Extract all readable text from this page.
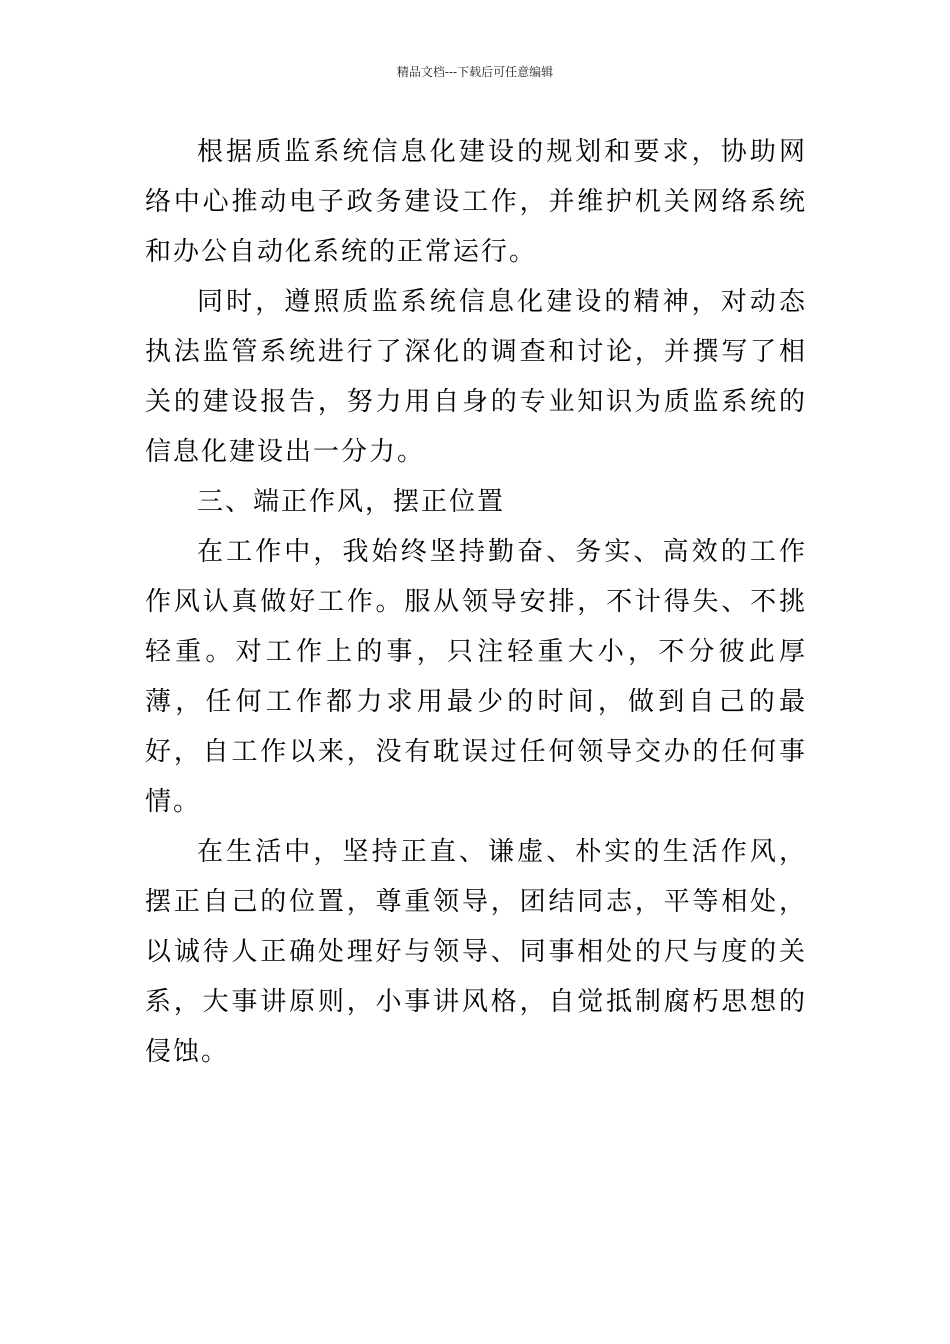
精品文档---下载后可任意编辑

根据质监系统信息化建设的规划和要求，协助网络中心推动电子政务建设工作，并维护机关网络系统和办公自动化系统的正常运行。

同时，遵照质监系统信息化建设的精神，对动态执法监管系统进行了深化的调查和讨论，并撰写了相关的建设报告，努力用自身的专业知识为质监系统的信息化建设出一分力。

三、端正作风，摆正位置

在工作中，我始终坚持勤奋、务实、高效的工作作风认真做好工作。服从领导安排，不计得失、不挑轻重。对工作上的事，只注轻重大小，不分彼此厚薄，任何工作都力求用最少的时间，做到自己的最好，自工作以来，没有耽误过任何领导交办的任何事情。

在生活中，坚持正直、谦虚、朴实的生活作风，摆正自己的位置，尊重领导，团结同志，平等相处，以诚待人正确处理好与领导、同事相处的尺与度的关系，大事讲原则，小事讲风格，自觉抵制腐朽思想的侵蚀。
